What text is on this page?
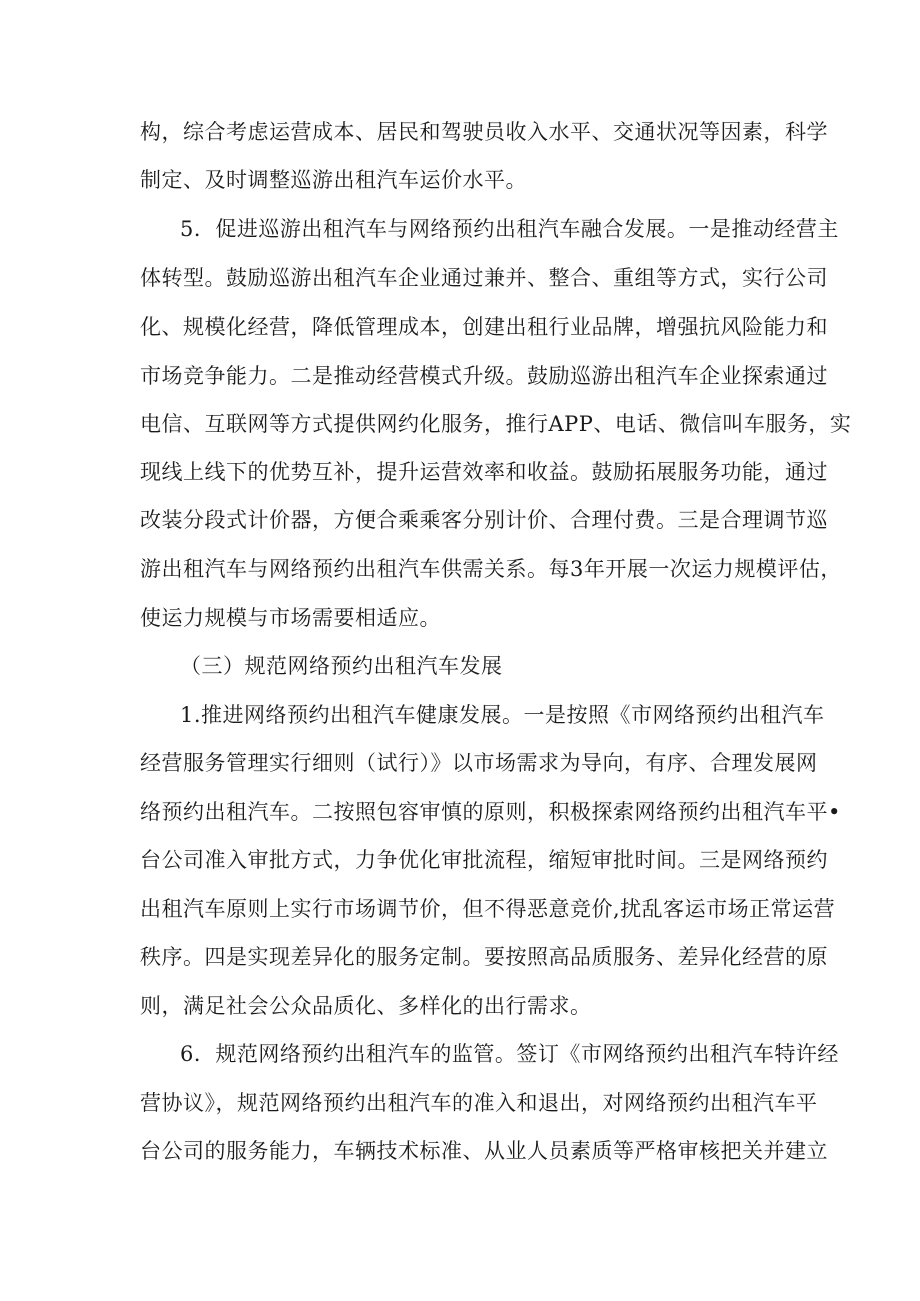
构，综合考虑运营成本、居民和驾驶员收入水平、交通状况等因素，科学
制定、及时调整巡游出租汽车运价水平。
5．促进巡游出租汽车与网络预约出租汽车融合发展。一是推动经营主
体转型。鼓励巡游出租汽车企业通过兼并、整合、重组等方式，实行公司
化、规模化经营，降低管理成本，创建出租行业品牌，增强抗风险能力和
市场竞争能力。二是推动经营模式升级。鼓励巡游出租汽车企业探索通过
电信、互联网等方式提供网约化服务，推行APP、电话、微信叫车服务，实
现线上线下的优势互补，提升运营效率和收益。鼓励拓展服务功能，通过
改装分段式计价器，方便合乘乘客分别计价、合理付费。三是合理调节巡
游出租汽车与网络预约出租汽车供需关系。每3年开展一次运力规模评估，
使运力规模与市场需要相适应。
（三）规范网络预约出租汽车发展
1.推进网络预约出租汽车健康发展。一是按照《市网络预约出租汽车
经营服务管理实行细则（试行）》以市场需求为导向，有序、合理发展网
络预约出租汽车。二按照包容审慎的原则，积极探索网络预约出租汽车平•
台公司准入审批方式，力争优化审批流程，缩短审批时间。三是网络预约
出租汽车原则上实行市场调节价，但不得恶意竞价,扰乱客运市场正常运营
秩序。四是实现差异化的服务定制。要按照高品质服务、差异化经营的原
则，满足社会公众品质化、多样化的出行需求。
6．规范网络预约出租汽车的监管。签订《市网络预约出租汽车特许经
营协议》，规范网络预约出租汽车的准入和退出，对网络预约出租汽车平
台公司的服务能力，车辆技术标准、从业人员素质等严格审核把关并建立
